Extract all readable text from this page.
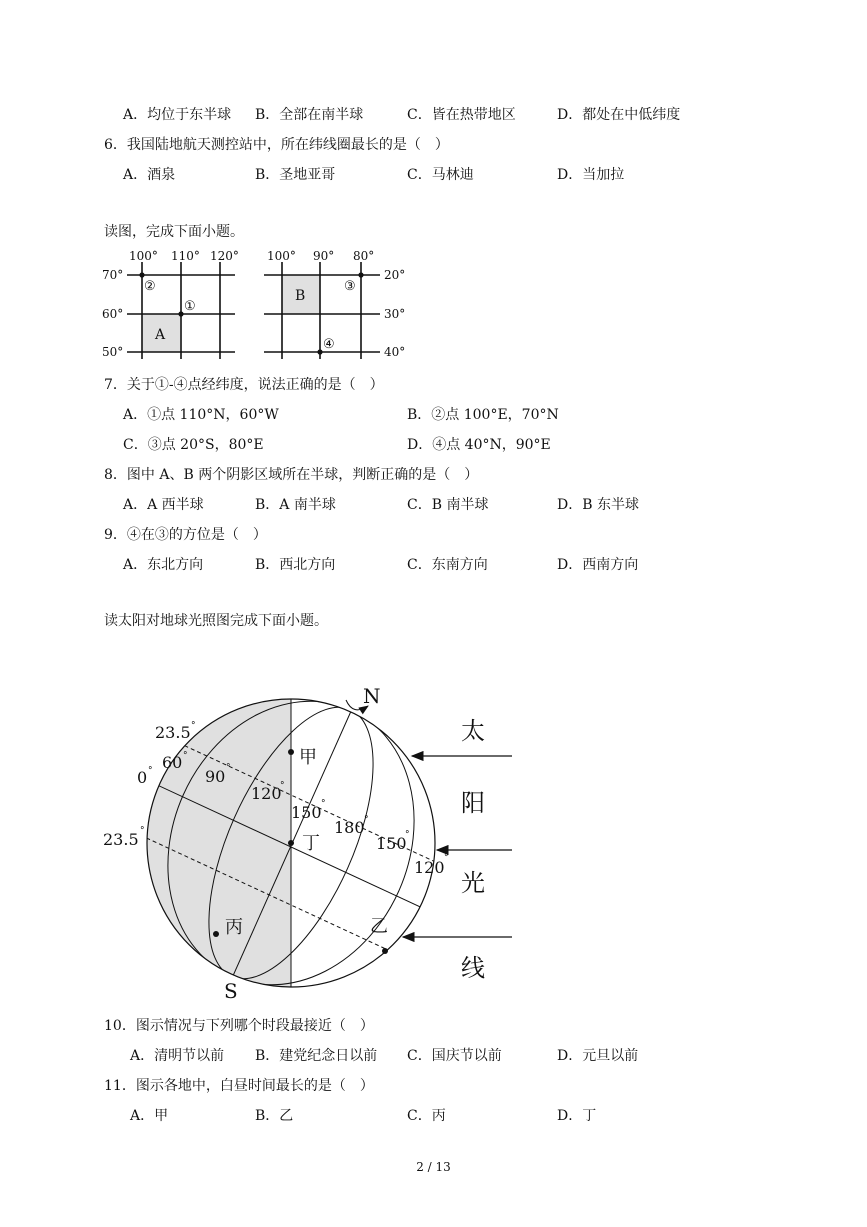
A．均位于东半球 B．全部在南半球	C．皆在热带地区	D．都处在中低纬度
6．我国陆地航天测控站中，所在纬线圈最长的是（　）
A．酒泉	B．圣地亚哥	C．马林迪	D．当加拉
读图，完成下面小题。
100° 110° 120°
70°
60°
50°
②
①
A
100° 90° 80°
20°
30°
40°
③
④
B
7．关于①-④点经纬度，说法正确的是（　）
A．①点 110°N，60°W	B．②点 100°E，70°N
C．③点 20°S，80°E	D．④点 40°N，90°E
8．图中 A、B 两个阴影区域所在半球，判断正确的是（　）
A．A 西半球	B．A 南半球	C．B 南半球	D．B 东半球
9．④在③的方位是（　）
A．东北方向	B．西北方向	C．东南方向	D．西南方向
读太阳对地球光照图完成下面小题。
N
S
23.5 °
60 °
0 °	90 °
23.5 °
120
°
150 °
180 °
150
°
120 °
甲
丁
丙	乙
太
阳
光
线
10．图示情况与下列哪个时段最接近（　）
A．清明节以前 B．建党纪念日以前 C．国庆节以前	D．元旦以前
11．图示各地中，白昼时间最长的是（　）
A．甲	B．乙	C．丙	D．丁
2 / 13
